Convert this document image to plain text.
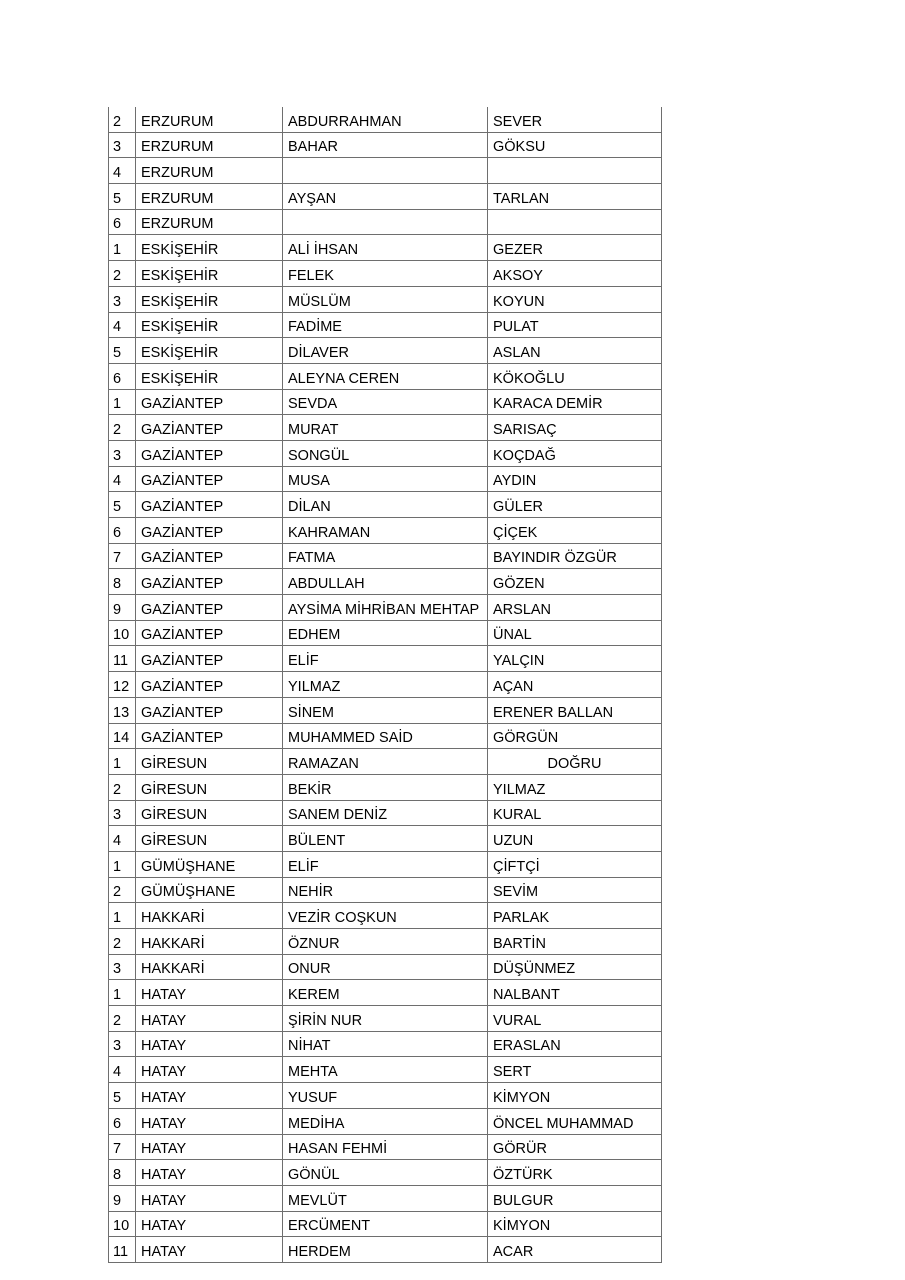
2	ERZURUM	ABDURRAHMAN	SEVER
3	ERZURUM	BAHAR	GÖKSU
4	ERZURUM		
5	ERZURUM	AYŞAN	TARLAN
6	ERZURUM		
1	ESKİŞEHİR	ALİ İHSAN	GEZER
2	ESKİŞEHİR	FELEK	AKSOY
3	ESKİŞEHİR	MÜSLÜM	KOYUN
4	ESKİŞEHİR	FADİME	PULAT
5	ESKİŞEHİR	DİLAVER	ASLAN
6	ESKİŞEHİR	ALEYNA CEREN	KÖKOĞLU
1	GAZİANTEP	SEVDA	KARACA DEMİR
2	GAZİANTEP	MURAT	SARISAÇ
3	GAZİANTEP	SONGÜL	KOÇDAĞ
4	GAZİANTEP	MUSA	AYDIN
5	GAZİANTEP	DİLAN	GÜLER
6	GAZİANTEP	KAHRAMAN	ÇİÇEK
7	GAZİANTEP	FATMA	BAYINDIR ÖZGÜR
8	GAZİANTEP	ABDULLAH	GÖZEN
9	GAZİANTEP	AYSİMA MİHRİBAN MEHTAP	ARSLAN
10	GAZİANTEP	EDHEM	ÜNAL
11	GAZİANTEP	ELİF	YALÇIN
12	GAZİANTEP	YILMAZ	AÇAN
13	GAZİANTEP	SİNEM	ERENER BALLAN
14	GAZİANTEP	MUHAMMED SAİD	GÖRGÜN
1	GİRESUN	RAMAZAN	DOĞRU
2	GİRESUN	BEKİR	YILMAZ
3	GİRESUN	SANEM DENİZ	KURAL
4	GİRESUN	BÜLENT	UZUN
1	GÜMÜŞHANE	ELİF	ÇİFTÇİ
2	GÜMÜŞHANE	NEHİR	SEVİM
1	HAKKARİ	VEZİR COŞKUN	PARLAK
2	HAKKARİ	ÖZNUR	BARTİN
3	HAKKARİ	ONUR	DÜŞÜNMEZ
1	HATAY	KEREM	NALBANT
2	HATAY	ŞİRİN NUR	VURAL
3	HATAY	NİHAT	ERASLAN
4	HATAY	MEHTA	SERT
5	HATAY	YUSUF	KİMYON
6	HATAY	MEDİHA	ÖNCEL MUHAMMAD
7	HATAY	HASAN FEHMİ	GÖRÜR
8	HATAY	GÖNÜL	ÖZTÜRK
9	HATAY	MEVLÜT	BULGUR
10	HATAY	ERCÜMENT	KİMYON
11	HATAY	HERDEM	ACAR
